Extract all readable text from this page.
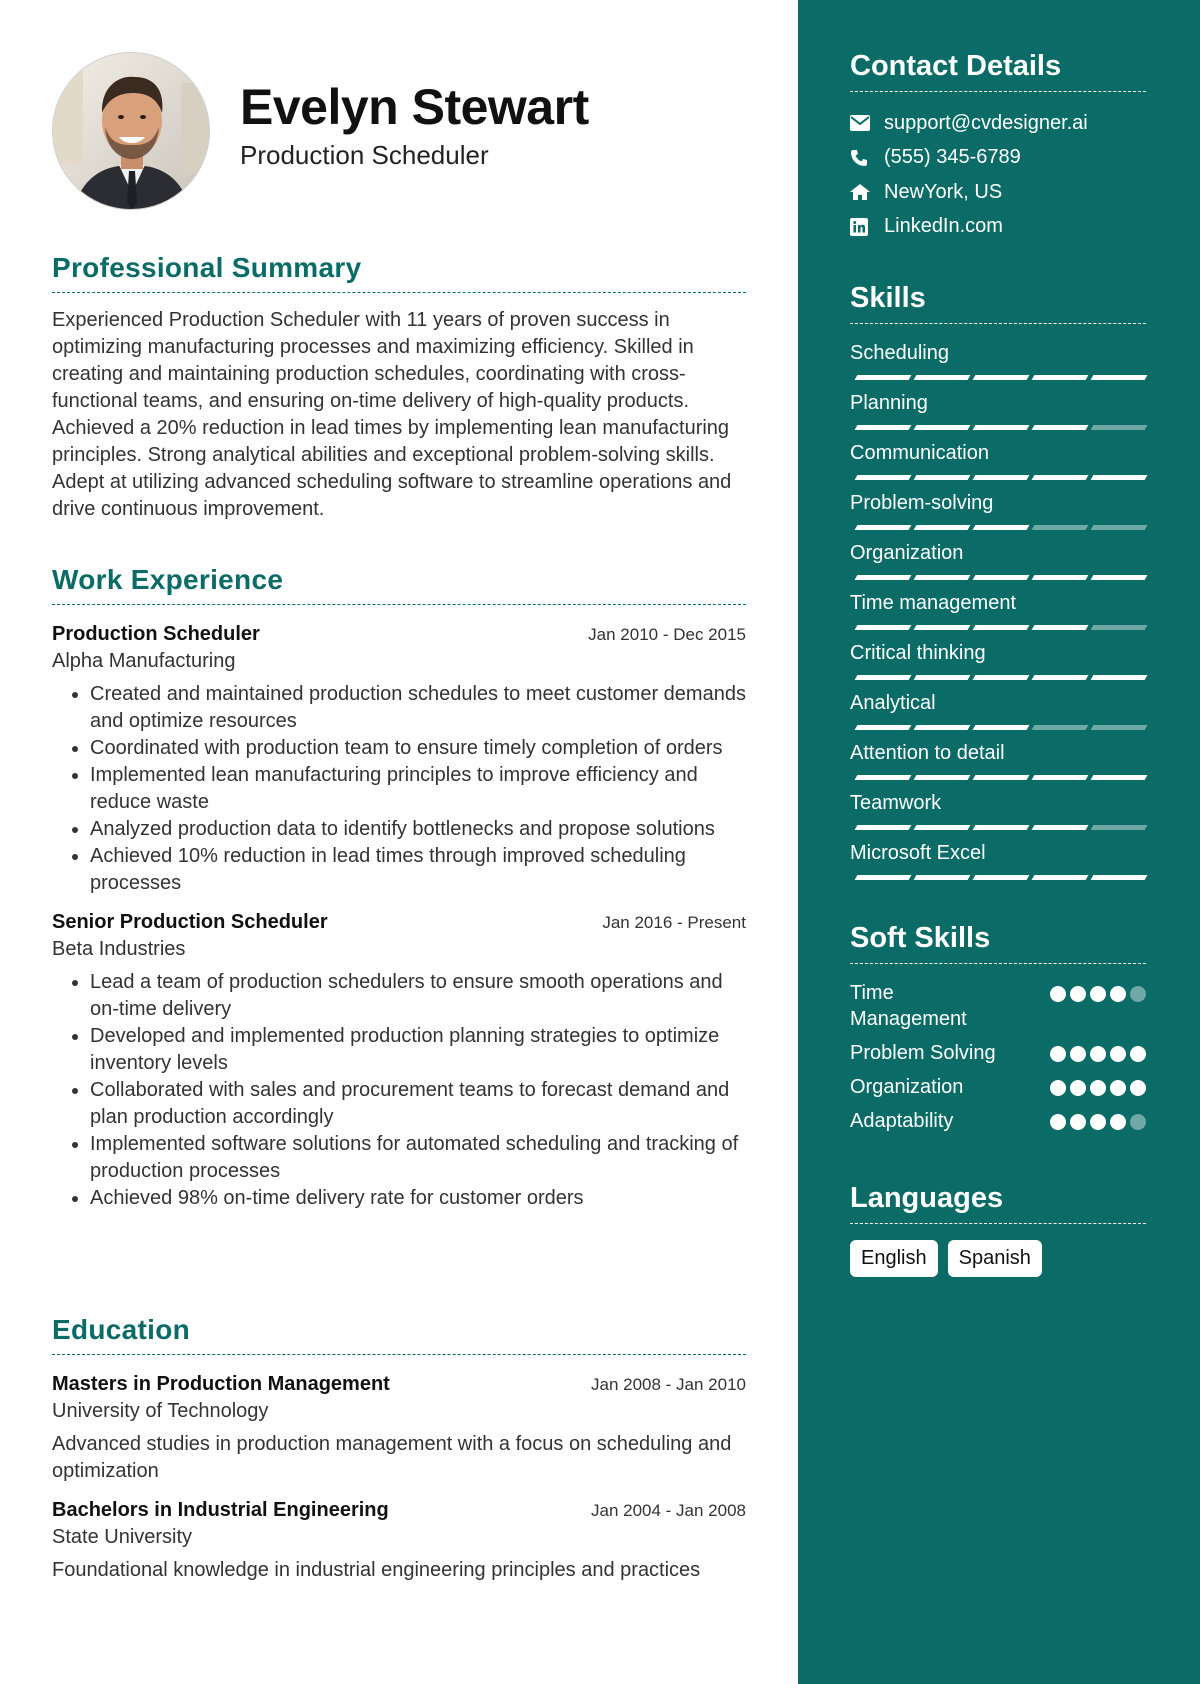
Evelyn Stewart
Production Scheduler
Professional Summary
Experienced Production Scheduler with 11 years of proven success in optimizing manufacturing processes and maximizing efficiency. Skilled in creating and maintaining production schedules, coordinating with cross-functional teams, and ensuring on-time delivery of high-quality products. Achieved a 20% reduction in lead times by implementing lean manufacturing principles. Strong analytical abilities and exceptional problem-solving skills. Adept at utilizing advanced scheduling software to streamline operations and drive continuous improvement.
Work Experience
Production Scheduler	Jan 2010 - Dec 2015
Alpha Manufacturing
• Created and maintained production schedules to meet customer demands and optimize resources
• Coordinated with production team to ensure timely completion of orders
• Implemented lean manufacturing principles to improve efficiency and reduce waste
• Analyzed production data to identify bottlenecks and propose solutions
• Achieved 10% reduction in lead times through improved scheduling processes
Senior Production Scheduler	Jan 2016 - Present
Beta Industries
• Lead a team of production schedulers to ensure smooth operations and on-time delivery
• Developed and implemented production planning strategies to optimize inventory levels
• Collaborated with sales and procurement teams to forecast demand and plan production accordingly
• Implemented software solutions for automated scheduling and tracking of production processes
• Achieved 98% on-time delivery rate for customer orders
Education
Masters in Production Management	Jan 2008 - Jan 2010
University of Technology
Advanced studies in production management with a focus on scheduling and optimization
Bachelors in Industrial Engineering	Jan 2004 - Jan 2008
State University
Foundational knowledge in industrial engineering principles and practices
Contact Details
support@cvdesigner.ai
(555) 345-6789
NewYork, US
LinkedIn.com
Skills
Scheduling
Planning
Communication
Problem-solving
Organization
Time management
Critical thinking
Analytical
Attention to detail
Teamwork
Microsoft Excel
Soft Skills
Time Management
Problem Solving
Organization
Adaptability
Languages
English	Spanish
